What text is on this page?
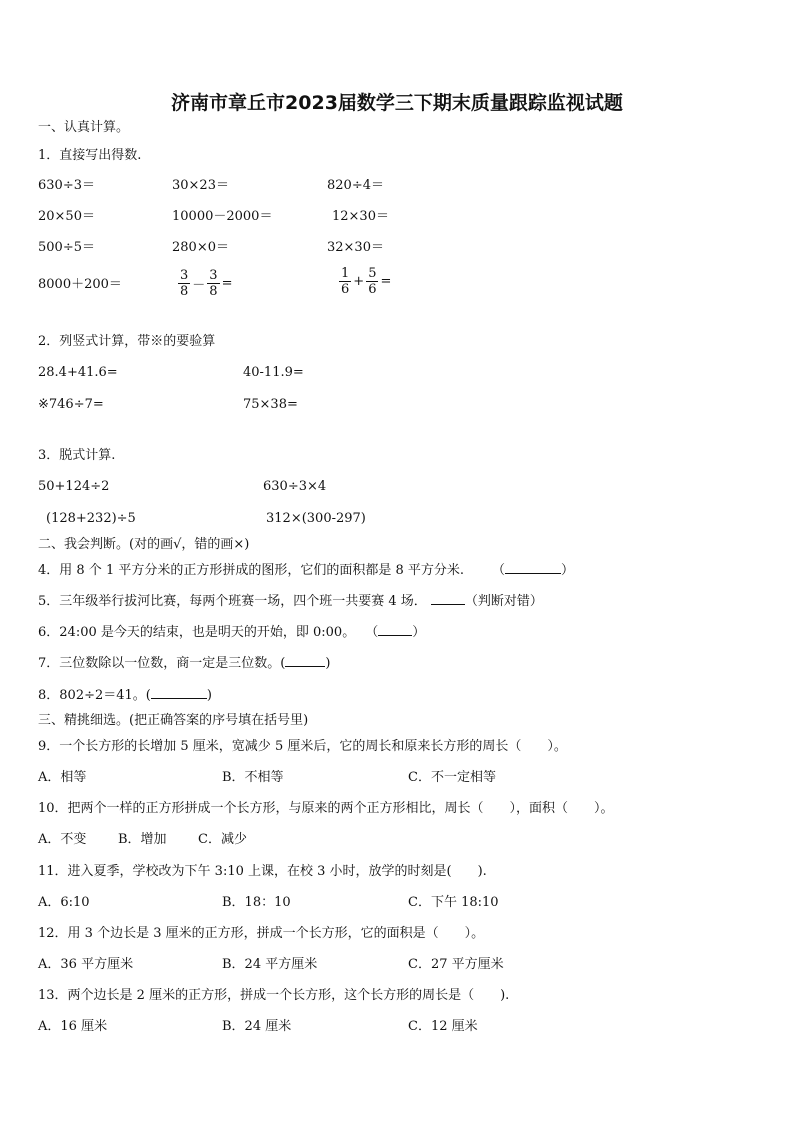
济南市章丘市2023届数学三下期末质量跟踪监视试题
一、认真计算。
1．直接写出得数.
630÷3＝	30×23＝	820÷4＝
20×50＝	10000－2000＝	12×30＝
500÷5＝	280×0＝	32×30＝
8000＋200＝	$\frac{3}{8} - \frac{3}{8}$ =	$\frac{1}{6} + \frac{5}{6}$ =
2．列竖式计算，带※的要验算
28.4+41.6=	40-11.9=
※746÷7=	75×38=
3．脱式计算.
50+124÷2	630÷3×4
(128+232)÷5	312×(300-297)
二、我会判断。(对的画√，错的画×)
4．用 8 个 1 平方分米的正方形拼成的图形，它们的面积都是 8 平方分米. （	）
5．三年级举行拔河比赛，每两个班赛一场，四个班一共要赛 4 场．	（判断对错）
6．24:00 是今天的结束，也是明天的开始，即 0:00。 （	）
7．三位数除以一位数，商一定是三位数。(	)
8．802÷2＝41。(	)
三、精挑细选。(把正确答案的序号填在括号里)
9．一个长方形的长增加 5 厘米，宽减少 5 厘米后，它的周长和原来长方形的周长（　　）。
A．相等	B．不相等	C．不一定相等
10．把两个一样的正方形拼成一个长方形，与原来的两个正方形相比，周长（　　），面积（　　）。
A．不变 B．增加 C．减少
11．进入夏季，学校改为下午 3:10 上课，在校 3 小时，放学的时刻是(　　).
A．6:10	B．18：10	C．下午 18:10
12．用 3 个边长是 3 厘米的正方形，拼成一个长方形，它的面积是（　　）。
A．36 平方厘米	B．24 平方厘米	C．27 平方厘米
13．两个边长是 2 厘米的正方形，拼成一个长方形，这个长方形的周长是（　　).
A．16 厘米	B．24 厘米	C．12 厘米
